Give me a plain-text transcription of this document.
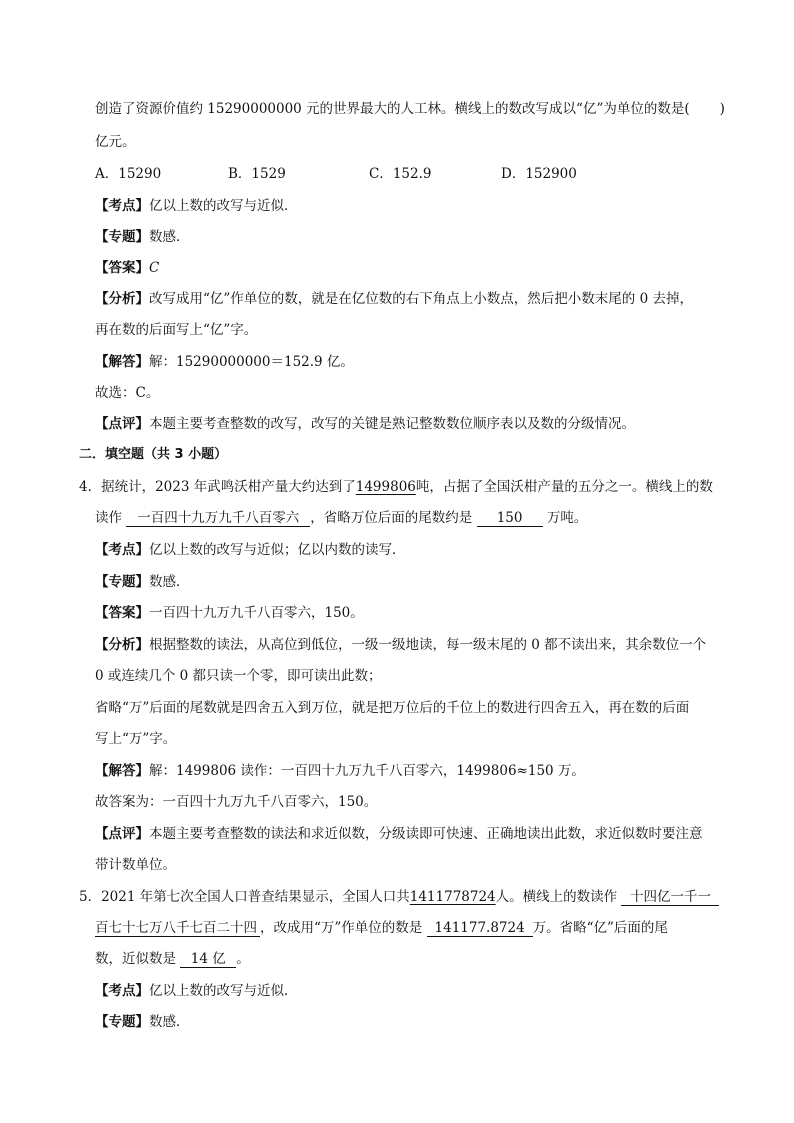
创造了资源价值约 15290000000 元的世界最大的人工林。横线上的数改写成以“亿”为单位的数是( )
亿元。
A．15290	B．1529	C．152.9	D．152900
【考点】亿以上数的改写与近似．
【专题】数感．
【答案】C
【分析】改写成用“亿”作单位的数，就是在亿位数的右下角点上小数点，然后把小数末尾的 0 去掉，
再在数的后面写上“亿”字。
【解答】解：15290000000＝152.9 亿。
故选：C。
【点评】本题主要考查整数的改写，改写的关键是熟记整数数位顺序表以及数的分级情况。
二．填空题（共 3 小题）
4．据统计，2023 年武鸣沃柑产量大约达到了1499806吨，占据了全国沃柑产量的五分之一。横线上的数
读作 一百四十九万九千八百零六 ，省略万位后面的尾数约是 150 万吨。
【考点】亿以上数的改写与近似；亿以内数的读写．
【专题】数感．
【答案】一百四十九万九千八百零六，150。
【分析】根据整数的读法，从高位到低位，一级一级地读，每一级末尾的 0 都不读出来，其余数位一个
0 或连续几个 0 都只读一个零，即可读出此数；
省略“万”后面的尾数就是四舍五入到万位，就是把万位后的千位上的数进行四舍五入，再在数的后面
写上“万”字。
【解答】解：1499806 读作：一百四十九万九千八百零六，1499806≈150 万。
故答案为：一百四十九万九千八百零六，150。
【点评】本题主要考查整数的读法和求近似数，分级读即可快速、正确地读出此数，求近似数时要注意
带计数单位。
5．2021 年第七次全国人口普查结果显示，全国人口共1411778724人。横线上的数读作 十四亿一千一
百七十七万八千七百二十四 ，改成用“万”作单位的数是 141177.8724 万。省略“亿”后面的尾
数，近似数是 14 亿 。
【考点】亿以上数的改写与近似．
【专题】数感．
